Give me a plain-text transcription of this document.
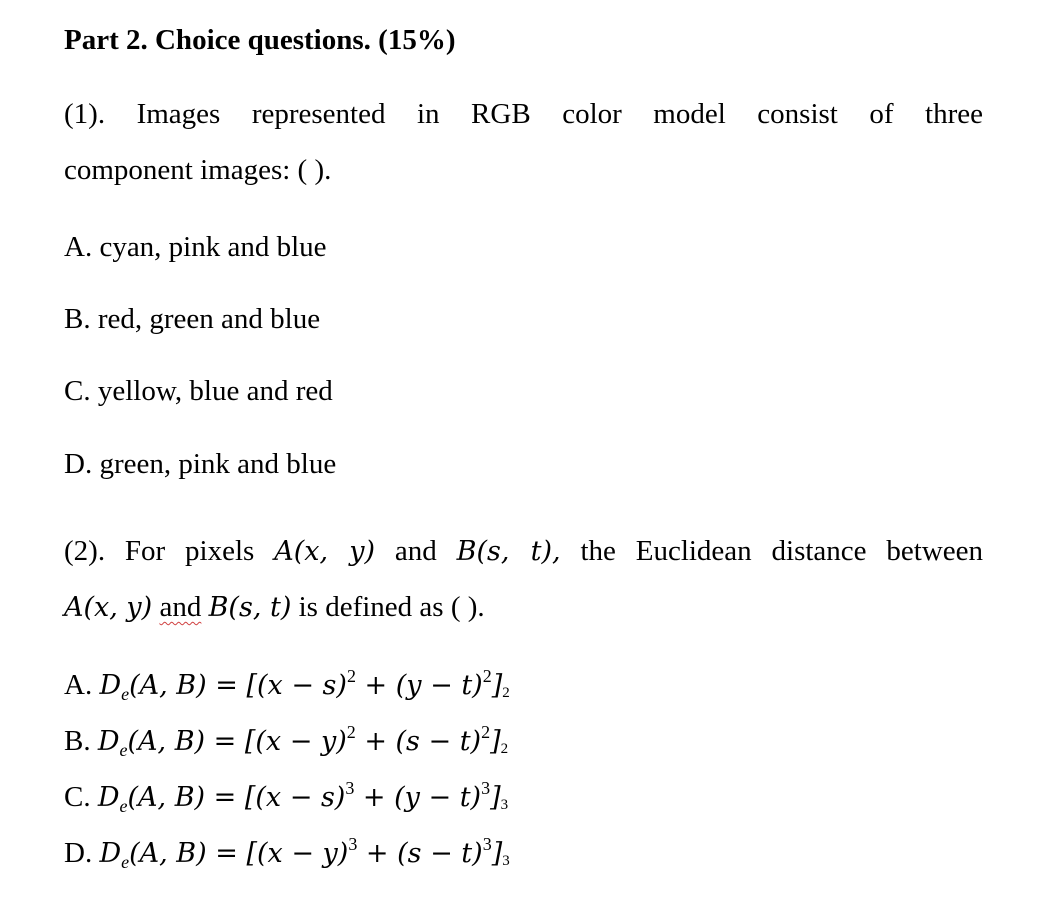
Part 2. Choice questions. (15%)
(1). Images represented in RGB color model consist of three
component images: ( ).
A. cyan, pink and blue
B. red, green and blue
C. yellow, blue and red
D. green, pink and blue
(2). For pixels A(x, y) and B(s, t), the Euclidean distance between
A(x, y) and B(s, t) is defined as ( ).
A. $D_e(A$, $B) = [(x - s)^2 + (y - t)^2]2$
B. $D_e(A$, $B) = [(x - y)^2 + (s - t)^2]2$
C. $D_e(A$, $B) = [(x - s)^3 + (y - t)^3]3$
D. $D_e(A$, $B) = [(x - y)^3 + (s - t)^3]3$
